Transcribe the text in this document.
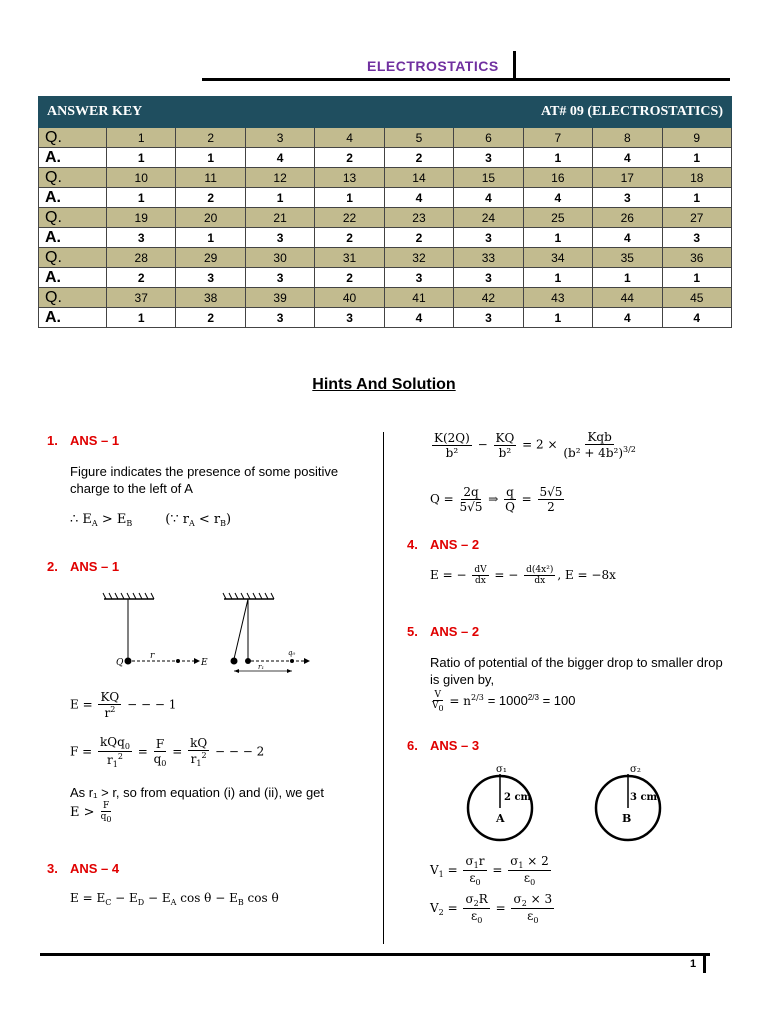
ELECTROSTATICS
ANSWER KEY					AT# 09 (ELECTROSTATICS)				
Q.	1	2	3	4	5	6	7	8	9
A.	1	1	4	2	2	3	1	4	1
Q.	10	11	12	13	14	15	16	17	18
A.	1	2	1	1	4	4	4	3	1
Q.	19	20	21	22	23	24	25	26	27
A.	3	1	3	2	2	3	1	4	3
Q.	28	29	30	31	32	33	34	35	36
A.	2	3	3	2	3	3	1	1	1
Q.	37	38	39	40	41	42	43	44	45
A.	1	2	3	3	4	3	1	4	4
Hints And Solution
1. ANS – 1
Figure indicates the presence of some positive charge to the left of A
∴ $E_A > E_B$        (∵ $r_A < r_B$)
2. ANS – 1
Q
r
E
q₀
r₁
$E = \frac{KQ}{r^2}$ − − − 1
$F = \frac{kQq_0}{r_1^2} = \frac{F}{q_0} = \frac{kQ}{r_1^2}$ − − − 2
As r₁ > r, so from equation (i) and (ii), we get
$E > \frac{F}{q0}$
3. ANS – 4
$E = E_C - E_D - E_A$ $\cos \theta - E_B$ cos θ
$\frac{K(2Q)}{\text{b²}} - \frac{KQ}{\text{b²}} = 2 \times \frac{\text{Kqb}}{(b^2 + 4b^2)^{3/2}}$
$Q = \frac{2q}{5√5}$ ⇒ $\frac{q}{Q} = \frac{5√5}{2}$
4. ANS – 2
E = − $\frac{dV}{dx}$ = − $\frac{\text{d(4x²)}}{dx}$ , E = −8x
5. ANS – 2
Ratio of potential of the bigger drop to smaller drop is given by,
$\frac{V}{V0} = n^{2/3} = 1000^{2/3} = 100$
6. ANS – 3
σ₁
2 cm
A
σ₂
3 cm
B
$V_1 = \frac{\sigma_1r}{\varepsilon_0} = \frac{\sigma_1 \times 2}{\varepsilon_0}$
$V_2 = \frac{\sigma_2R}{\varepsilon_0} = \frac{\sigma_2 \times 3}{\varepsilon_0}$
1
